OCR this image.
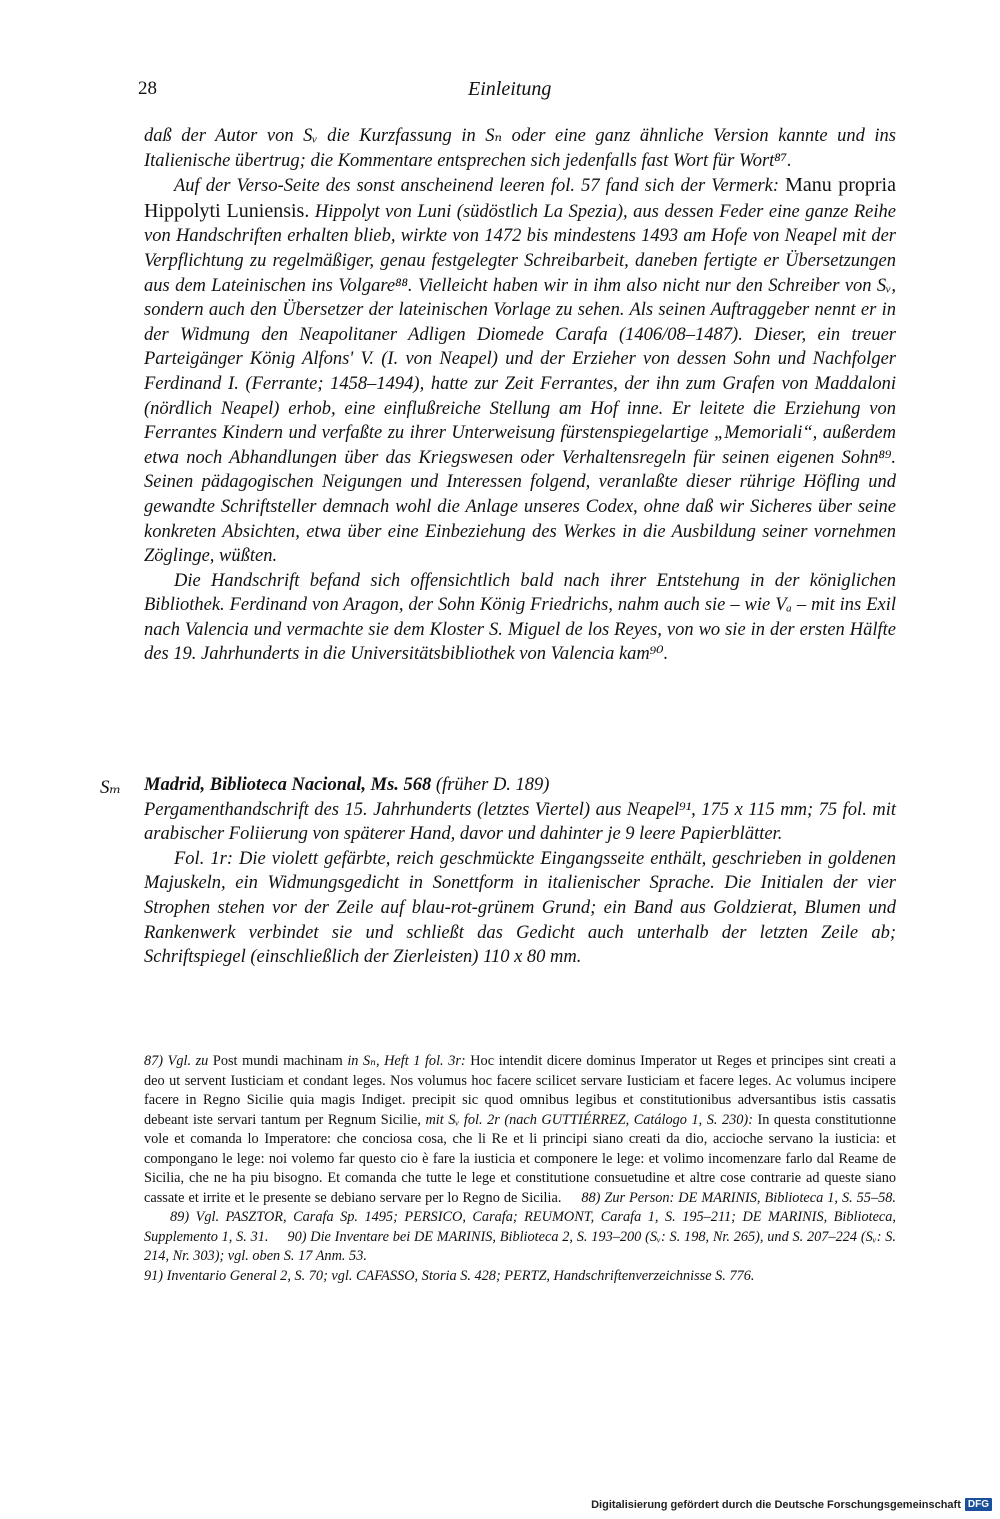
28	Einleitung

daß der Autor von Sᵥ die Kurzfassung in Sₙ oder eine ganz ähnliche Version kannte und ins Italienische übertrug; die Kommentare entsprechen sich jedenfalls fast Wort für Wort⁸⁷.

Auf der Verso-Seite des sonst anscheinend leeren fol. 57 fand sich der Vermerk: Manu propria Hippolyti Luniensis. Hippolyt von Luni (südöstlich La Spezia), aus dessen Feder eine ganze Reihe von Handschriften erhalten blieb, wirkte von 1472 bis mindestens 1493 am Hofe von Neapel mit der Verpflichtung zu regelmäßiger, genau festgelegter Schreibarbeit, daneben fertigte er Übersetzungen aus dem Lateinischen ins Volgare⁸⁸. Vielleicht haben wir in ihm also nicht nur den Schreiber von Sᵥ, sondern auch den Übersetzer der lateinischen Vorlage zu sehen. Als seinen Auftraggeber nennt er in der Widmung den Neapolitaner Adligen Diomede Carafa (1406/08–1487). Dieser, ein treuer Parteigänger König Alfons' V. (I. von Neapel) und der Erzieher von dessen Sohn und Nachfolger Ferdinand I. (Ferrante; 1458–1494), hatte zur Zeit Ferrantes, der ihn zum Grafen von Maddaloni (nördlich Neapel) erhob, eine einflußreiche Stellung am Hof inne. Er leitete die Erziehung von Ferrantes Kindern und verfaßte zu ihrer Unterweisung fürstenspiegelartige „Memoriali“, außerdem etwa noch Abhandlungen über das Kriegswesen oder Verhaltensregeln für seinen eigenen Sohn⁸⁹. Seinen pädagogischen Neigungen und Interessen folgend, veranlaßte dieser rührige Höfling und gewandte Schriftsteller demnach wohl die Anlage unseres Codex, ohne daß wir Sicheres über seine konkreten Absichten, etwa über eine Einbeziehung des Werkes in die Ausbildung seiner vornehmen Zöglinge, wüßten.

Die Handschrift befand sich offensichtlich bald nach ihrer Entstehung in der königlichen Bibliothek. Ferdinand von Aragon, der Sohn König Friedrichs, nahm auch sie – wie Vₐ – mit ins Exil nach Valencia und vermachte sie dem Kloster S. Miguel de los Reyes, von wo sie in der ersten Hälfte des 19. Jahrhunderts in die Universitätsbibliothek von Valencia kam⁹⁰.

Sₘ Madrid, Biblioteca Nacional, Ms. 568 (früher D. 189)

Pergamenthandschrift des 15. Jahrhunderts (letztes Viertel) aus Neapel⁹¹, 175 x 115 mm; 75 fol. mit arabischer Foliierung von späterer Hand, davor und dahinter je 9 leere Papierblätter.

Fol. 1r: Die violett gefärbte, reich geschmückte Eingangsseite enthält, geschrieben in goldenen Majuskeln, ein Widmungsgedicht in Sonettform in italienischer Sprache. Die Initialen der vier Strophen stehen vor der Zeile auf blau-rot-grünem Grund; ein Band aus Goldzierat, Blumen und Rankenwerk verbindet sie und schließt das Gedicht auch unterhalb der letzten Zeile ab; Schriftspiegel (einschließlich der Zierleisten) 110 x 80 mm.

87) Vgl. zu Post mundi machinam in Sₙ, Heft 1 fol. 3r: Hoc intendit dicere dominus Imperator ut Reges et principes sint creati a deo ut servent Iusticiam et condant leges. Nos volumus hoc facere scilicet servare Iusticiam et facere leges. Ac volumus incipere facere in Regno Sicilie quia magis Indiget. precipit sic quod omnibus legibus et constitutionibus adversantibus istis cassatis debeant iste servari tantum per Regnum Sicilie, mit Sᵥ fol. 2r (nach GUTTIÉRREZ, Catálogo 1, S. 230): In questa constitutionne vole et comanda lo Imperatore: che conciosa cosa, che li Re et li principi siano creati da dio, accioche servano la iusticia: et compongano le lege: noi volemo far questo cio è fare la iusticia et componere le lege: et volimo incomenzare farlo dal Reame de Sicilia, che ne ha piu bisogno. Et comanda che tutte le lege et constitutione consuetudine et altre cose contrarie ad queste siano cassate et irrite et le presente se debiano servare per lo Regno de Sicilia. 88) Zur Person: DE MARINIS, Biblioteca 1, S. 55–58.     89) Vgl. PASZTOR, Carafa Sp. 1495; PERSICO, Carafa; REUMONT, Carafa 1, S. 195–211; DE MARINIS, Biblioteca, Supplemento 1, S. 31. 90) Die Inventare bei DE MARINIS, Biblioteca 2, S. 193–200 (Sᵥ: S. 198, Nr. 265), und S. 207–224 (Sᵥ: S. 214, Nr. 303); vgl. oben S. 17 Anm. 53.
91) Inventario General 2, S. 70; vgl. CAFASSO, Storia S. 428; PERTZ, Handschriftenverzeichnisse S. 776.
Digitalisierung gefördert durch die Deutsche Forschungsgemeinschaft DFG
